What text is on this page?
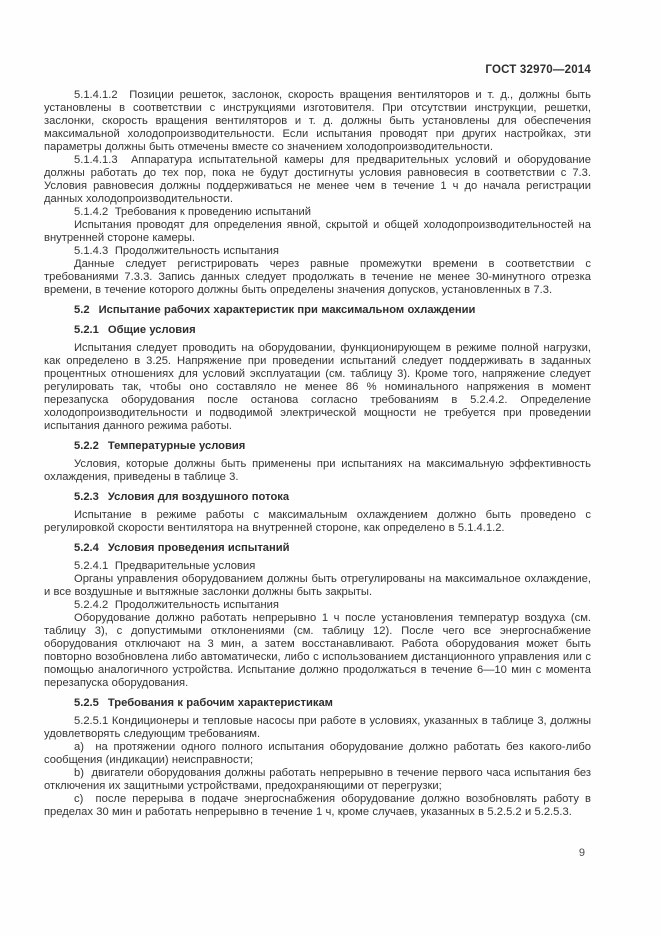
ГОСТ 32970—2014

5.1.4.1.2  Позиции решеток, заслонок, скорость вращения вентиляторов и т. д., должны быть установлены в соответствии с инструкциями изготовителя. При отсутствии инструкции, решетки, заслонки, скорость вращения вентиляторов и т. д. должны быть установлены для обеспечения максимальной холодопроизводительности. Если испытания проводят при других настройках, эти параметры должны быть отмечены вместе со значением холодопроизводительности.

5.1.4.1.3  Аппаратура испытательной камеры для предварительных условий и оборудование должны работать до тех пор, пока не будут достигнуты условия равновесия в соответствии с 7.3. Условия равновесия должны поддерживаться не менее чем в течение 1 ч до начала регистрации данных холодопроизводительности.

5.1.4.2  Требования к проведению испытаний

Испытания проводят для определения явной, скрытой и общей холодопроизводительностей на внутренней стороне камеры.

5.1.4.3  Продолжительность испытания

Данные следует регистрировать через равные промежутки времени в соответствии с требованиями 7.3.3. Запись данных следует продолжать в течение не менее 30-минутного отрезка времени, в течение которого должны быть определены значения допусков, установленных в 7.3.

5.2 Испытание рабочих характеристик при максимальном охлаждении

5.2.1 Общие условия

Испытания следует проводить на оборудовании, функционирующем в режиме полной нагрузки, как определено в 3.25. Напряжение при проведении испытаний следует поддерживать в заданных процентных отношениях для условий эксплуатации (см. таблицу 3). Кроме того, напряжение следует регулировать так, чтобы оно составляло не менее 86 % номинального напряжения в момент перезапуска оборудования после останова согласно требованиям в 5.2.4.2. Определение холодопроизводительности и подводимой электрической мощности не требуется при проведении испытания данного режима работы.

5.2.2 Температурные условия

Условия, которые должны быть применены при испытаниях на максимальную эффективность охлаждения, приведены в таблице 3.

5.2.3 Условия для воздушного потока

Испытание в режиме работы с максимальным охлаждением должно быть проведено с регулировкой скорости вентилятора на внутренней стороне, как определено в 5.1.4.1.2.

5.2.4 Условия проведения испытаний

5.2.4.1  Предварительные условия

Органы управления оборудованием должны быть отрегулированы на максимальное охлаждение, и все воздушные и вытяжные заслонки должны быть закрыты.

5.2.4.2  Продолжительность испытания

Оборудование должно работать непрерывно 1 ч после установления температур воздуха (см. таблицу 3), с допустимыми отклонениями (см. таблицу 12). После чего все энергоснабжение оборудования отключают на 3 мин, а затем восстанавливают. Работа оборудования может быть повторно возобновлена либо автоматически, либо с использованием дистанционного управления или с помощью аналогичного устройства. Испытание должно продолжаться в течение 6—10 мин с момента перезапуска оборудования.

5.2.5 Требования к рабочим характеристикам

5.2.5.1 Кондиционеры и тепловые насосы при работе в условиях, указанных в таблице 3, должны удовлетворять следующим требованиям.

a)  на протяжении одного полного испытания оборудование должно работать без какого-либо сообщения (индикации) неисправности;

b)  двигатели оборудования должны работать непрерывно в течение первого часа испытания без отключения их защитными устройствами, предохраняющими от перегрузки;

c)  после перерыва в подаче энергоснабжения оборудование должно возобновлять работу в пределах 30 мин и работать непрерывно в течение 1 ч, кроме случаев, указанных в 5.2.5.2 и 5.2.5.3.

9
